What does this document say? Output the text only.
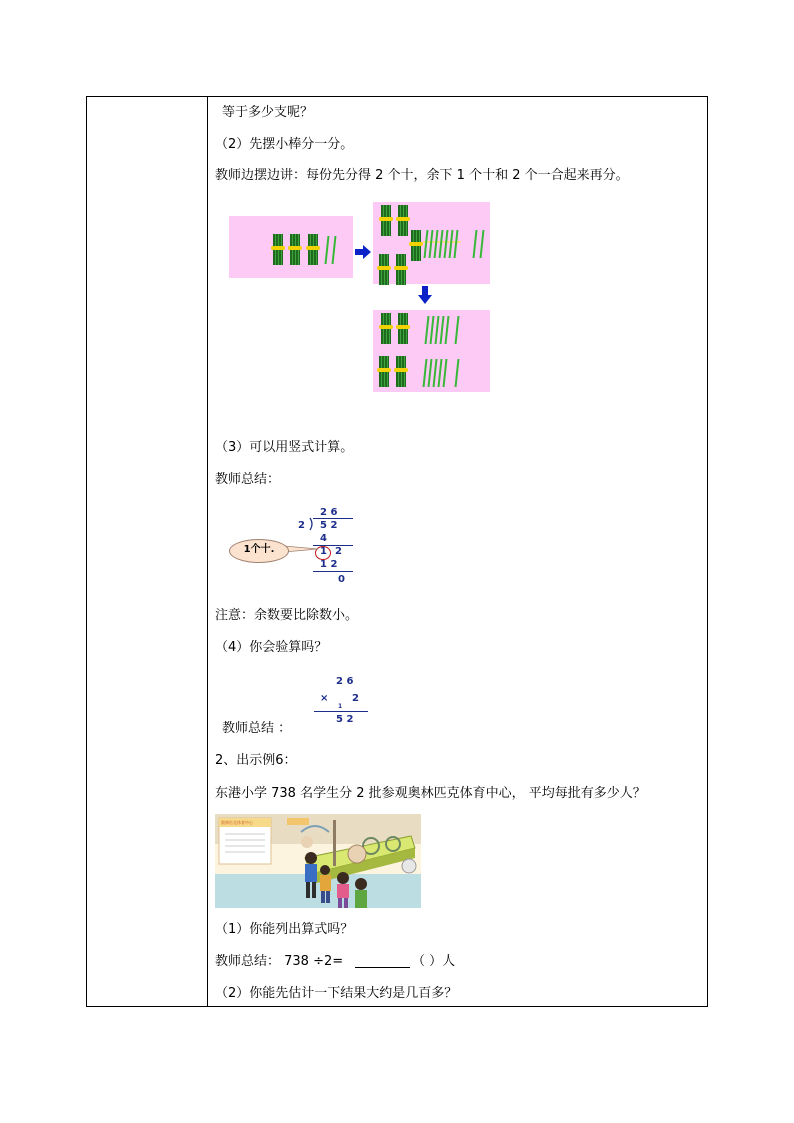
等于多少支呢？
（2）先摆小棒分一分。
教师边摆边讲：每份先分得 2 个十，余下 1 个十和 2 个一合起来再分。
（3）可以用竖式计算。
教师总结：
2 6
2 5 2
4
1 2
1 2
0
1个十.
注意：余数要比除数小。
（4）你会验算吗？
2 6
×
1
2
5 2
教师总结 ：
2、出示例6：
东港小学 738 名学生分 2 批参观奥林匹克体育中心， 平均每批有多少人？
奥林匹克体育中心
（1）你能列出算式吗？
教师总结： 738 ÷2=	（ ）人
（2）你能先估计一下结果大约是几百多？
